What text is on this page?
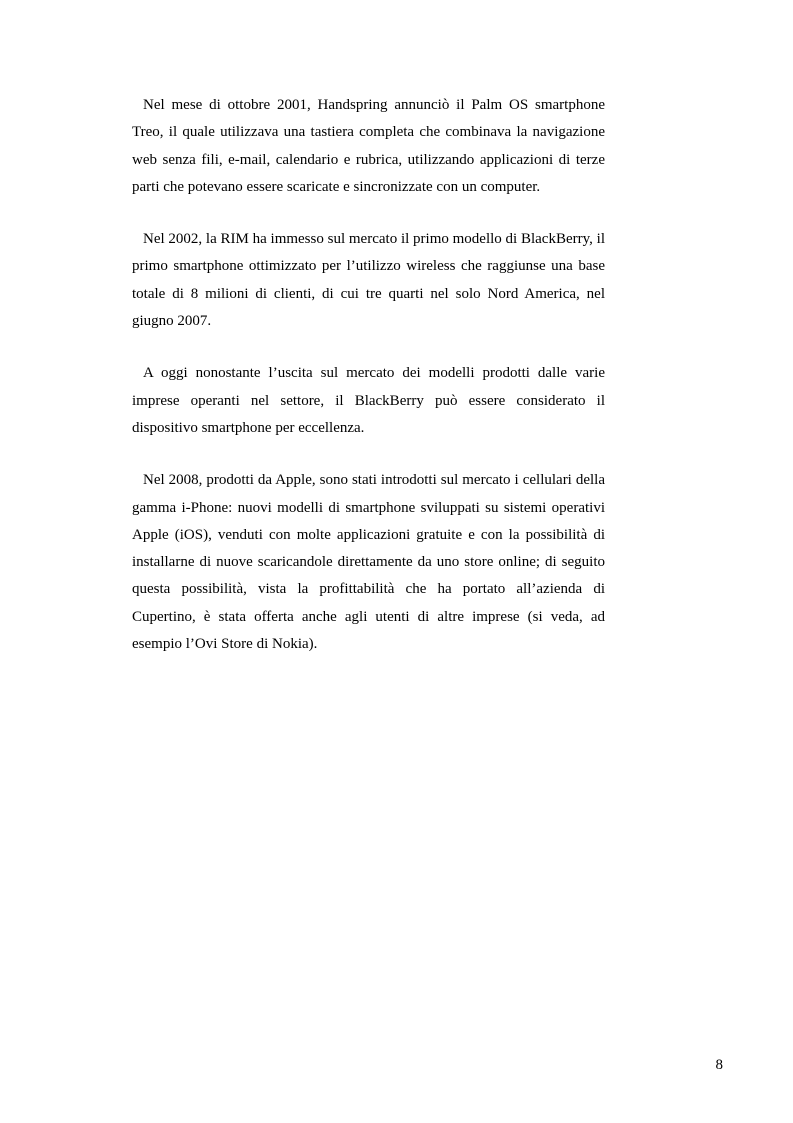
Nel mese di ottobre 2001, Handspring annunciò il Palm OS smartphone Treo, il quale utilizzava una tastiera completa che combinava la navigazione web senza fili, e-mail, calendario e rubrica, utilizzando applicazioni di terze parti che potevano essere scaricate e sincronizzate con un computer.

Nel 2002, la RIM ha immesso sul mercato il primo modello di BlackBerry, il primo smartphone ottimizzato per l’utilizzo wireless che raggiunse una base totale di 8 milioni di clienti, di cui tre quarti nel solo Nord America, nel giugno 2007.

A oggi nonostante l’uscita sul mercato dei modelli prodotti dalle varie imprese operanti nel settore, il BlackBerry può essere considerato il dispositivo smartphone per eccellenza.

Nel 2008, prodotti da Apple, sono stati introdotti sul mercato i cellulari della gamma i-Phone: nuovi modelli di smartphone sviluppati su sistemi operativi Apple (iOS), venduti con molte applicazioni gratuite e con la possibilità di installarne di nuove scaricandole direttamente da uno store online; di seguito questa possibilità, vista la profittabilità che ha portato all’azienda di Cupertino, è stata offerta anche agli utenti di altre imprese (si veda, ad esempio l’Ovi Store di Nokia).

8
